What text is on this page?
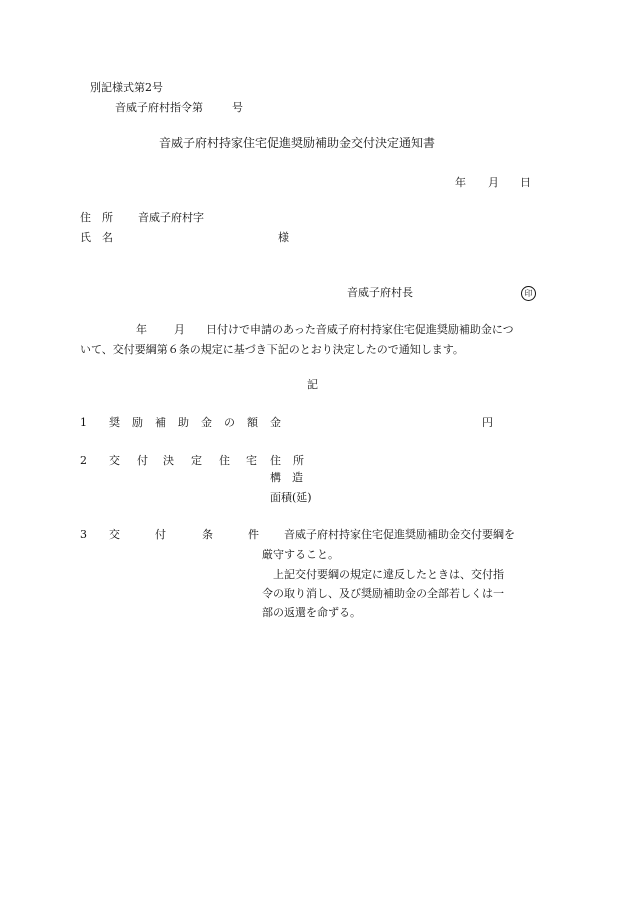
別記様式第2号
音威子府村指令第	号
音威子府村持家住宅促進奨励補助金交付決定通知書
年 月 日
住　所 音威子府村字
氏　名	様
音威子府村長	印
年 月 日付けで申請のあった音威子府村持家住宅促進奨励補助金につ
いて、交付要綱第６条の規定に基づき下記のとおり決定したので通知します。
記
1 奨 励 補 助 金 の 額 金	円
2 交 付 決 定 住 宅 住 所
構　造
面積(延)
3 交	付	条	件 音威子府村持家住宅促進奨励補助金交付要綱を
厳守すること。
　上記交付要綱の規定に違反したときは、交付指
令の取り消し、及び奨励補助金の全部若しくは一
部の返還を命ずる。
